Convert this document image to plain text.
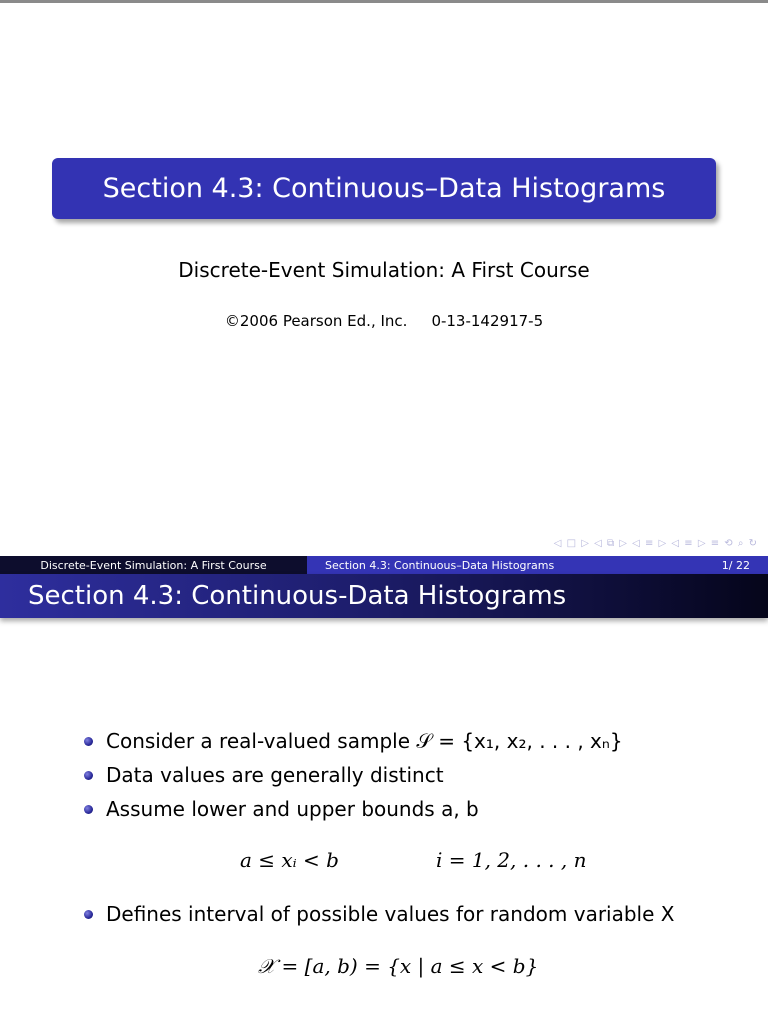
Section 4.3: Continuous–Data Histograms
Discrete-Event Simulation: A First Course
©2006 Pearson Ed., Inc. 0-13-142917-5
◁ □ ▷ ◁ ⧉ ▷ ◁ ≡ ▷ ◁ ≡ ▷ ≡ ⟲ ⌕ ↻
Discrete-Event Simulation: A First Course	Section 4.3: Continuous–Data Histograms	1/ 22
Section 4.3: Continuous-Data Histograms
Consider a real-valued sample 𝒮 = {x₁, x₂, . . . , xₙ}
Data values are generally distinct
Assume lower and upper bounds a, b
a ≤ xᵢ < b	i = 1, 2, . . . , n
Defines interval of possible values for random variable X
𝒳 = [a, b) = {x | a ≤ x < b}
